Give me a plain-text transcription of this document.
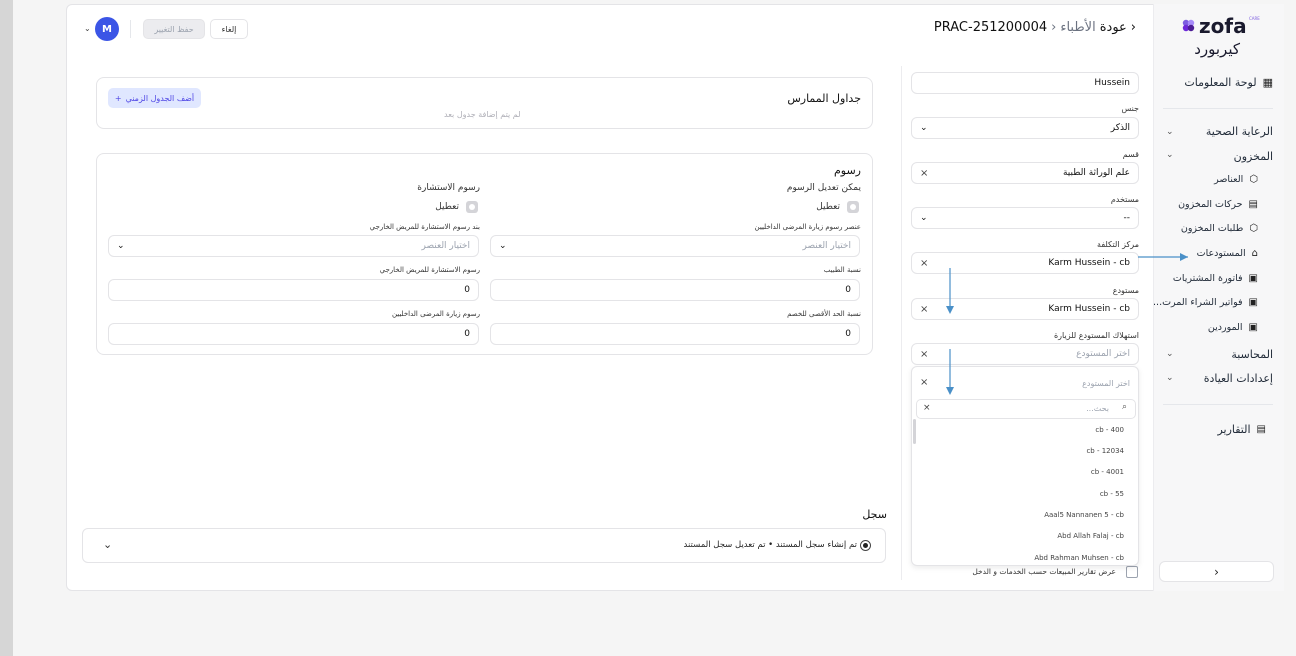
zofa CARE
كيربورد
▦
لوحة المعلومات
الرعاية الصحية
⌄
المخزون
⌄
⬡
العناصر
▤
حركات المخزون
⬡
طلبات المخزون
⌂
المستودعات
▣
فاتورة المشتريات
▣
فواتير الشراء المرت...
▣
الموردين
المحاسبة
⌄
إعدادات العيادة
⌄
▤
التقارير
›
‹
عودة
الأطباء
‹
PRAC-251200004
M
⌄	حفظ التغيير	إلغاء
Hussein
جنس
الذكر
⌄
قسم
علم الوراثة الطبية
×
مستخدم
--
⌄
مركز التكلفة
Karm Hussein - cb
×
مستودع
Karm Hussein - cb
×
استهلاك المستودع للزيارة
اختر المستودع
×
عرض تقارير المبيعات حسب الخدمات و الدخل
اختر المستودع
×
×	بحث... ⌕
cb - 400
cb - 12034
cb - 4001
cb - 55
Aaal5 Nannanen 5 - cb
Abd Allah Falaj - cb
Abd Rahman Muhsen - cb
جداول الممارس
أضف الجدول الزمني
+
لم يتم إضافة جدول بعد
رسوم
يمكن تعديل الرسوم
تعطيل
رسوم الاستشارة
تعطيل
عنصر رسوم زيارة المرضى الداخليين
اختيار العنصر
⌄
بند رسوم الاستشارة للمريض الخارجي
اختيار العنصر
⌄
نسبة الطبيب
0
رسوم الاستشارة للمريض الخارجي
0
نسبة الحد الأقصى للخصم
0
رسوم زيارة المرضى الداخليين
0
سجل
⌄	تم إنشاء سجل المستند • تم تعديل سجل المستند
